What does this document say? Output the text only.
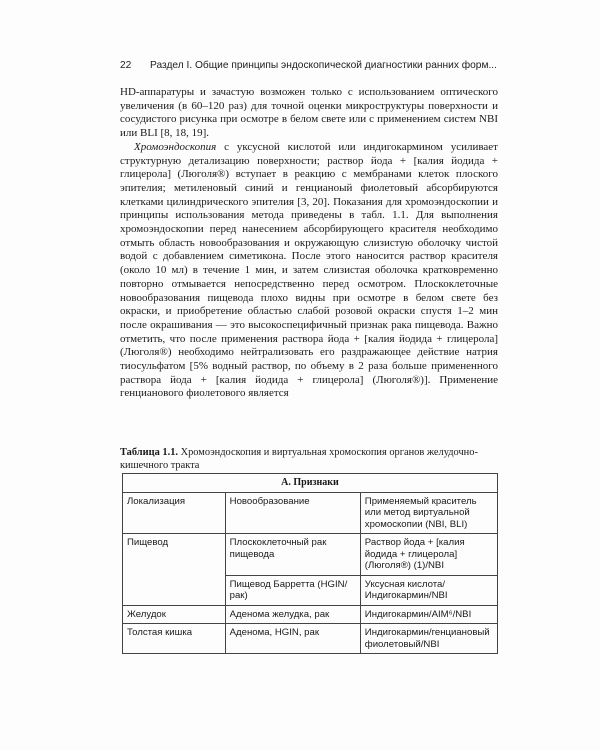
22	Раздел I. Общие принципы эндоскопической диагностики ранних форм...

HD-аппаратуры и зачастую возможен только с использованием оптического увеличения (в 60–120 раз) для точной оценки микроструктуры поверхности и сосудистого рисунка при осмотре в белом свете или с применением систем NBI или BLI [8, 18, 19].

Хромоэндоскопия с уксусной кислотой или индигокармином усиливает структурную детализацию поверхности; раствор йода + [калия йодида + глицерола] (Люголя®) вступает в реакцию с мембранами клеток плоского эпителия; метиленовый синий и генцианоый фиолетовый абсорбируются клетками цилиндрического эпителия [3, 20]. Показания для хромоэндоскопии и принципы использования метода приведены в табл. 1.1. Для выполнения хромоэндоскопии перед нанесением абсорбирующего красителя необходимо отмыть область новообразования и окружающую слизистую оболочку чистой водой с добавлением симетикона. После этого наносится раствор красителя (около 10 мл) в течение 1 мин, и затем слизистая оболочка кратковременно повторно отмывается непосредственно перед осмотром. Плоскоклеточные новообразования пищевода плохо видны при осмотре в белом свете без окраски, и приобретение областью слабой розовой окраски спустя 1–2 мин после окрашивания — это высокоспецифичный признак рака пищевода. Важно отметить, что после применения раствора йода + [калия йодида + глицерола] (Люголя®) необходимо нейтрализовать его раздражающее действие натрия тиосульфатом [5% водный раствор, по объему в 2 раза больше примененного раствора йода + [калия йодида + глицерола] (Люголя®)]. Применение генцианового фиолетового является

Таблица 1.1. Хромоэндоскопия и виртуальная хромоскопия органов желудочно-кишечного тракта
А. Признаки		
Локализация	Новообразование	Применяемый краситель или метод виртуальной хромоскопии (NBI, BLI)
Пищевод	Плоскоклеточный рак пищевода	Раствор йода + [калия йодида + глицерола] (Люголя®) (1)/NBI
	Пищевод Барретта (HGIN/рак)	Уксусная кислота/Индигокармин/NBI
Желудок	Аденома желудка, рак	Индигокармин/AIM⁶/NBI
Толстая кишка	Аденома, HGIN, рак	Индигокармин/генциановый фиолетовый/NBI
